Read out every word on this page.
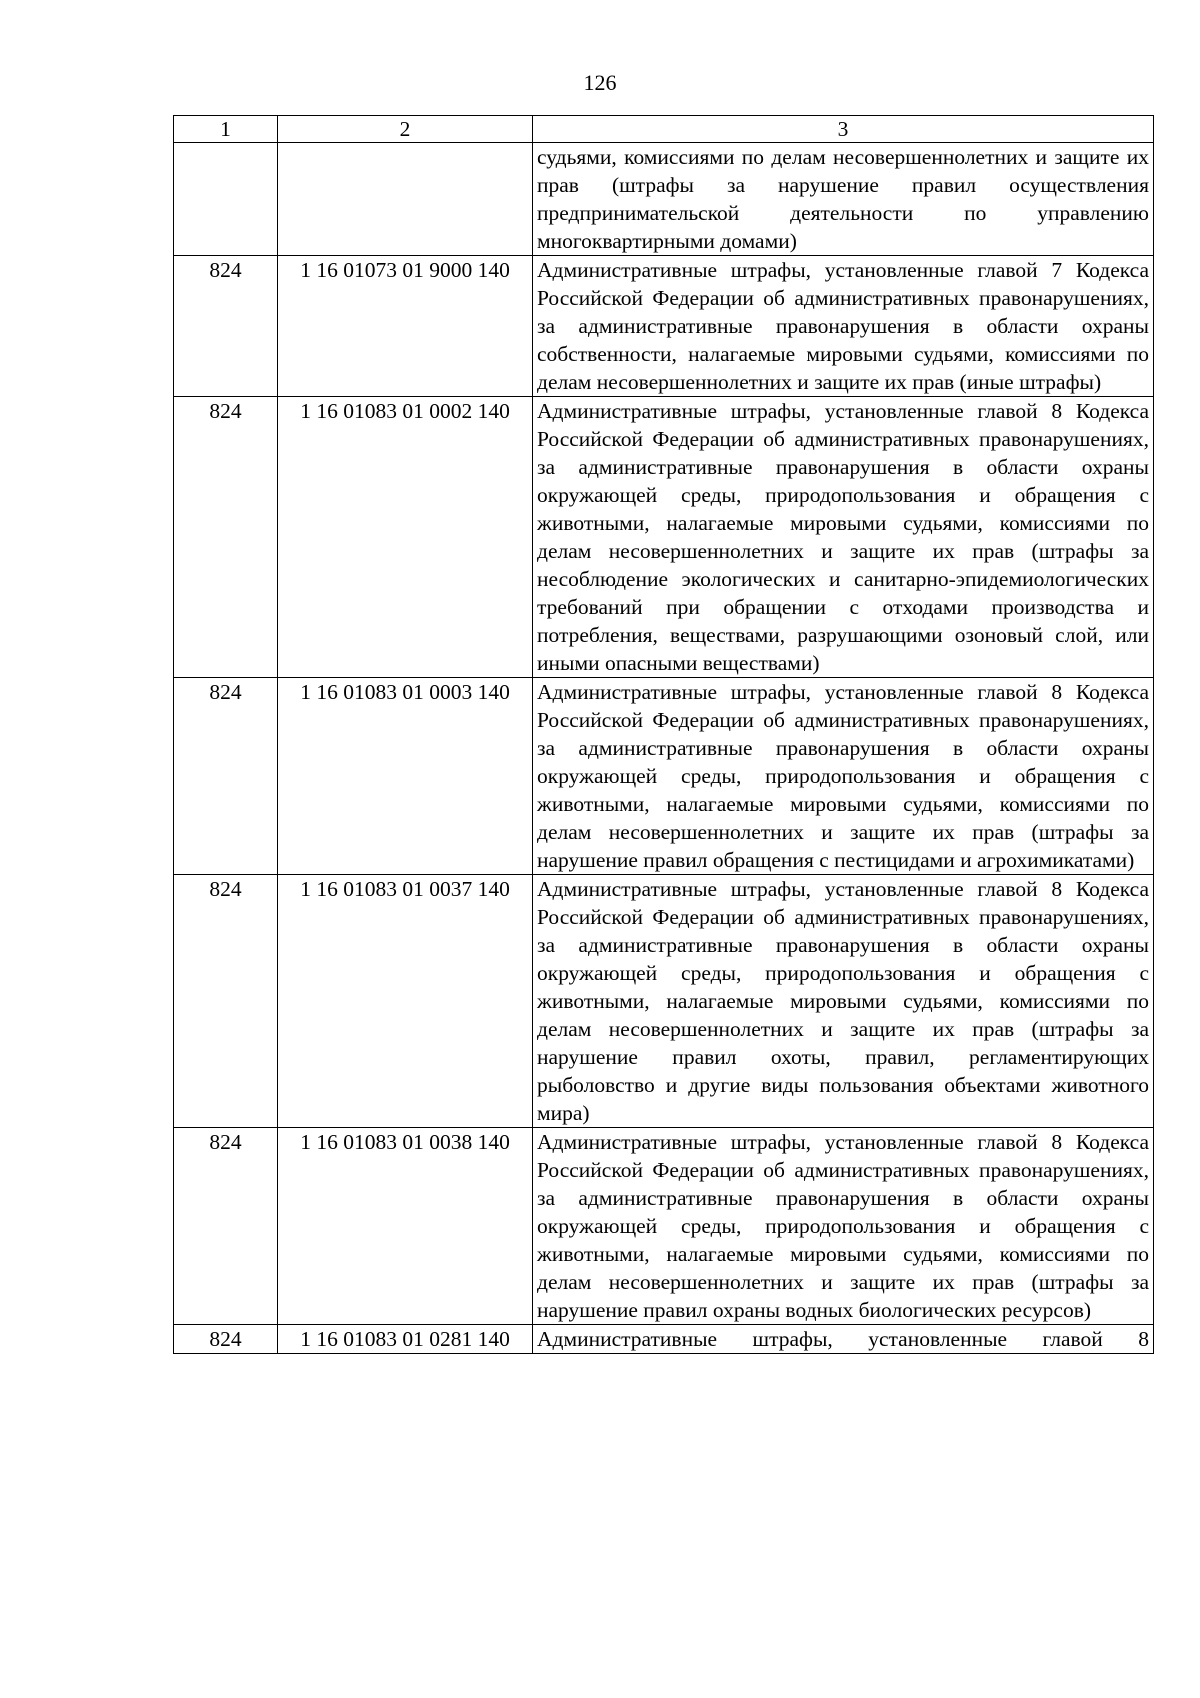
126
1	2	3
		судьями, комиссиями по делам несовершеннолетних и защите их прав (штрафы за нарушение правил осуществления предпринимательской деятельности по управлению многоквартирными домами)
824	1 16 01073 01 9000 140	Административные штрафы, установленные главой 7 Кодекса Российской Федерации об административных правонарушениях, за административные правонарушения в области охраны собственности, налагаемые мировыми судьями, комиссиями по делам несовершеннолетних и защите их прав (иные штрафы)
824	1 16 01083 01 0002 140	Административные штрафы, установленные главой 8 Кодекса Российской Федерации об административных правонарушениях, за административные правонарушения в области охраны окружающей среды, природопользования и обращения с животными, налагаемые мировыми судьями, комиссиями по делам несовершеннолетних и защите их прав (штрафы за несоблюдение экологических и санитарно-эпидемиологических требований при обращении с отходами производства и потребления, веществами, разрушающими озоновый слой, или иными опасными веществами)
824	1 16 01083 01 0003 140	Административные штрафы, установленные главой 8 Кодекса Российской Федерации об административных правонарушениях, за административные правонарушения в области охраны окружающей среды, природопользования и обращения с животными, налагаемые мировыми судьями, комиссиями по делам несовершеннолетних и защите их прав (штрафы за нарушение правил обращения с пестицидами и агрохимикатами)
824	1 16 01083 01 0037 140	Административные штрафы, установленные главой 8 Кодекса Российской Федерации об административных правонарушениях, за административные правонарушения в области охраны окружающей среды, природопользования и обращения с животными, налагаемые мировыми судьями, комиссиями по делам несовершеннолетних и защите их прав (штрафы за нарушение правил охоты, правил, регламентирующих рыболовство и другие виды пользования объектами животного мира)
824	1 16 01083 01 0038 140	Административные штрафы, установленные главой 8 Кодекса Российской Федерации об административных правонарушениях, за административные правонарушения в области охраны окружающей среды, природопользования и обращения с животными, налагаемые мировыми судьями, комиссиями по делам несовершеннолетних и защите их прав (штрафы за нарушение правил охраны водных биологических ресурсов)
824	1 16 01083 01 0281 140	Административные штрафы, установленные главой 8
